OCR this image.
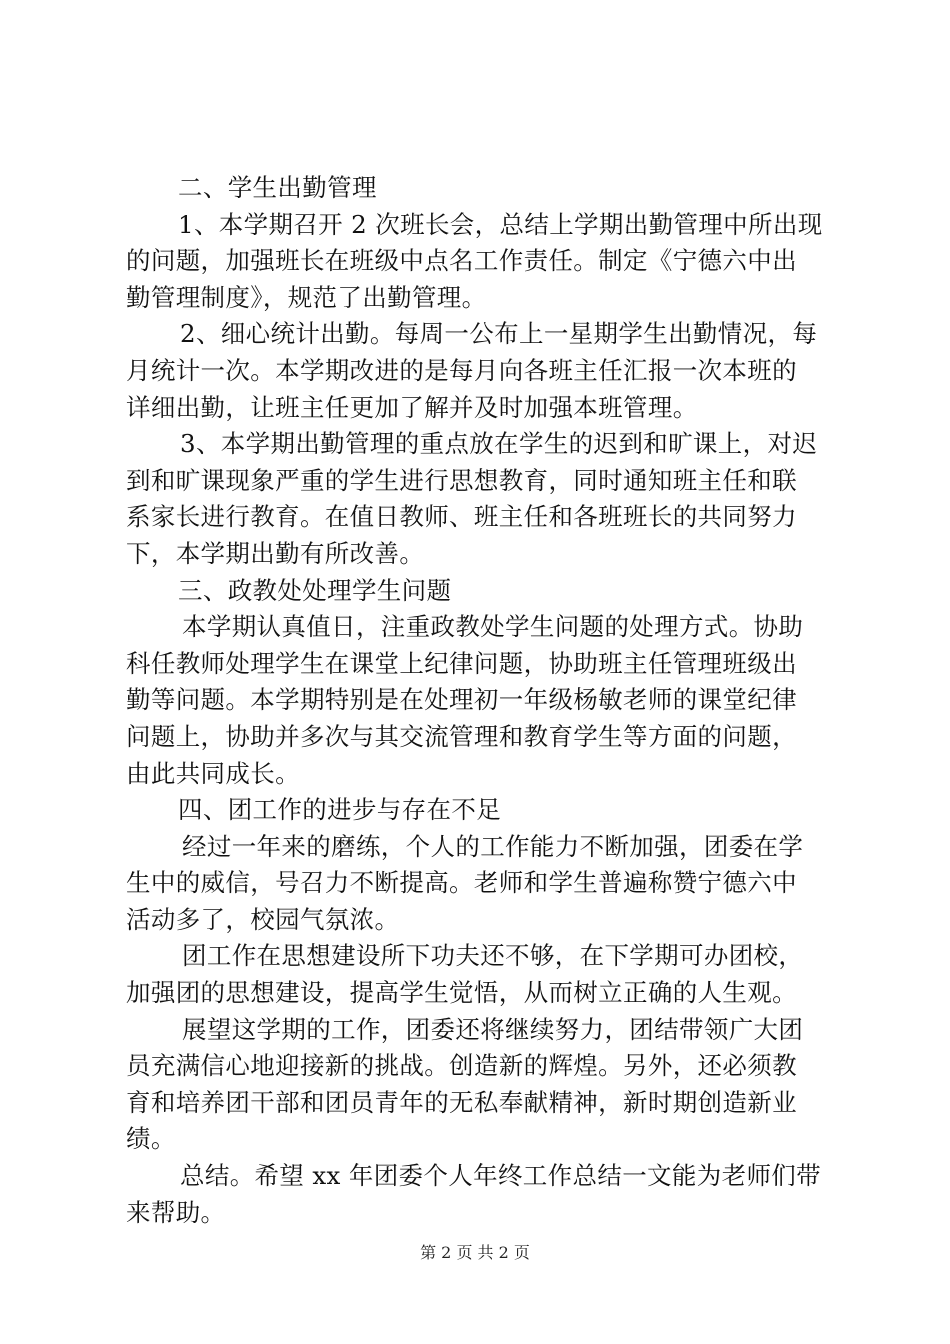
二、学生出勤管理
1、本学期召开 2 次班长会，总结上学期出勤管理中所出现
的问题，加强班长在班级中点名工作责任。制定《宁德六中出
勤管理制度》，规范了出勤管理。
2、细心统计出勤。每周一公布上一星期学生出勤情况，每
月统计一次。本学期改进的是每月向各班主任汇报一次本班的
详细出勤，让班主任更加了解并及时加强本班管理。
3、本学期出勤管理的重点放在学生的迟到和旷课上，对迟
到和旷课现象严重的学生进行思想教育，同时通知班主任和联
系家长进行教育。在值日教师、班主任和各班班长的共同努力
下，本学期出勤有所改善。
三、政教处处理学生问题
本学期认真值日，注重政教处学生问题的处理方式。协助
科任教师处理学生在课堂上纪律问题，协助班主任管理班级出
勤等问题。本学期特别是在处理初一年级杨敏老师的课堂纪律
问题上，协助并多次与其交流管理和教育学生等方面的问题，
由此共同成长。
四、团工作的进步与存在不足
经过一年来的磨练，个人的工作能力不断加强，团委在学
生中的威信，号召力不断提高。老师和学生普遍称赞宁德六中
活动多了，校园气氛浓。
团工作在思想建设所下功夫还不够，在下学期可办团校，
加强团的思想建设，提高学生觉悟，从而树立正确的人生观。
展望这学期的工作，团委还将继续努力，团结带领广大团
员充满信心地迎接新的挑战。创造新的辉煌。另外，还必须教
育和培养团干部和团员青年的无私奉献精神，新时期创造新业
绩。
总结。希望 xx 年团委个人年终工作总结一文能为老师们带
来帮助。
第 2 页 共 2 页
